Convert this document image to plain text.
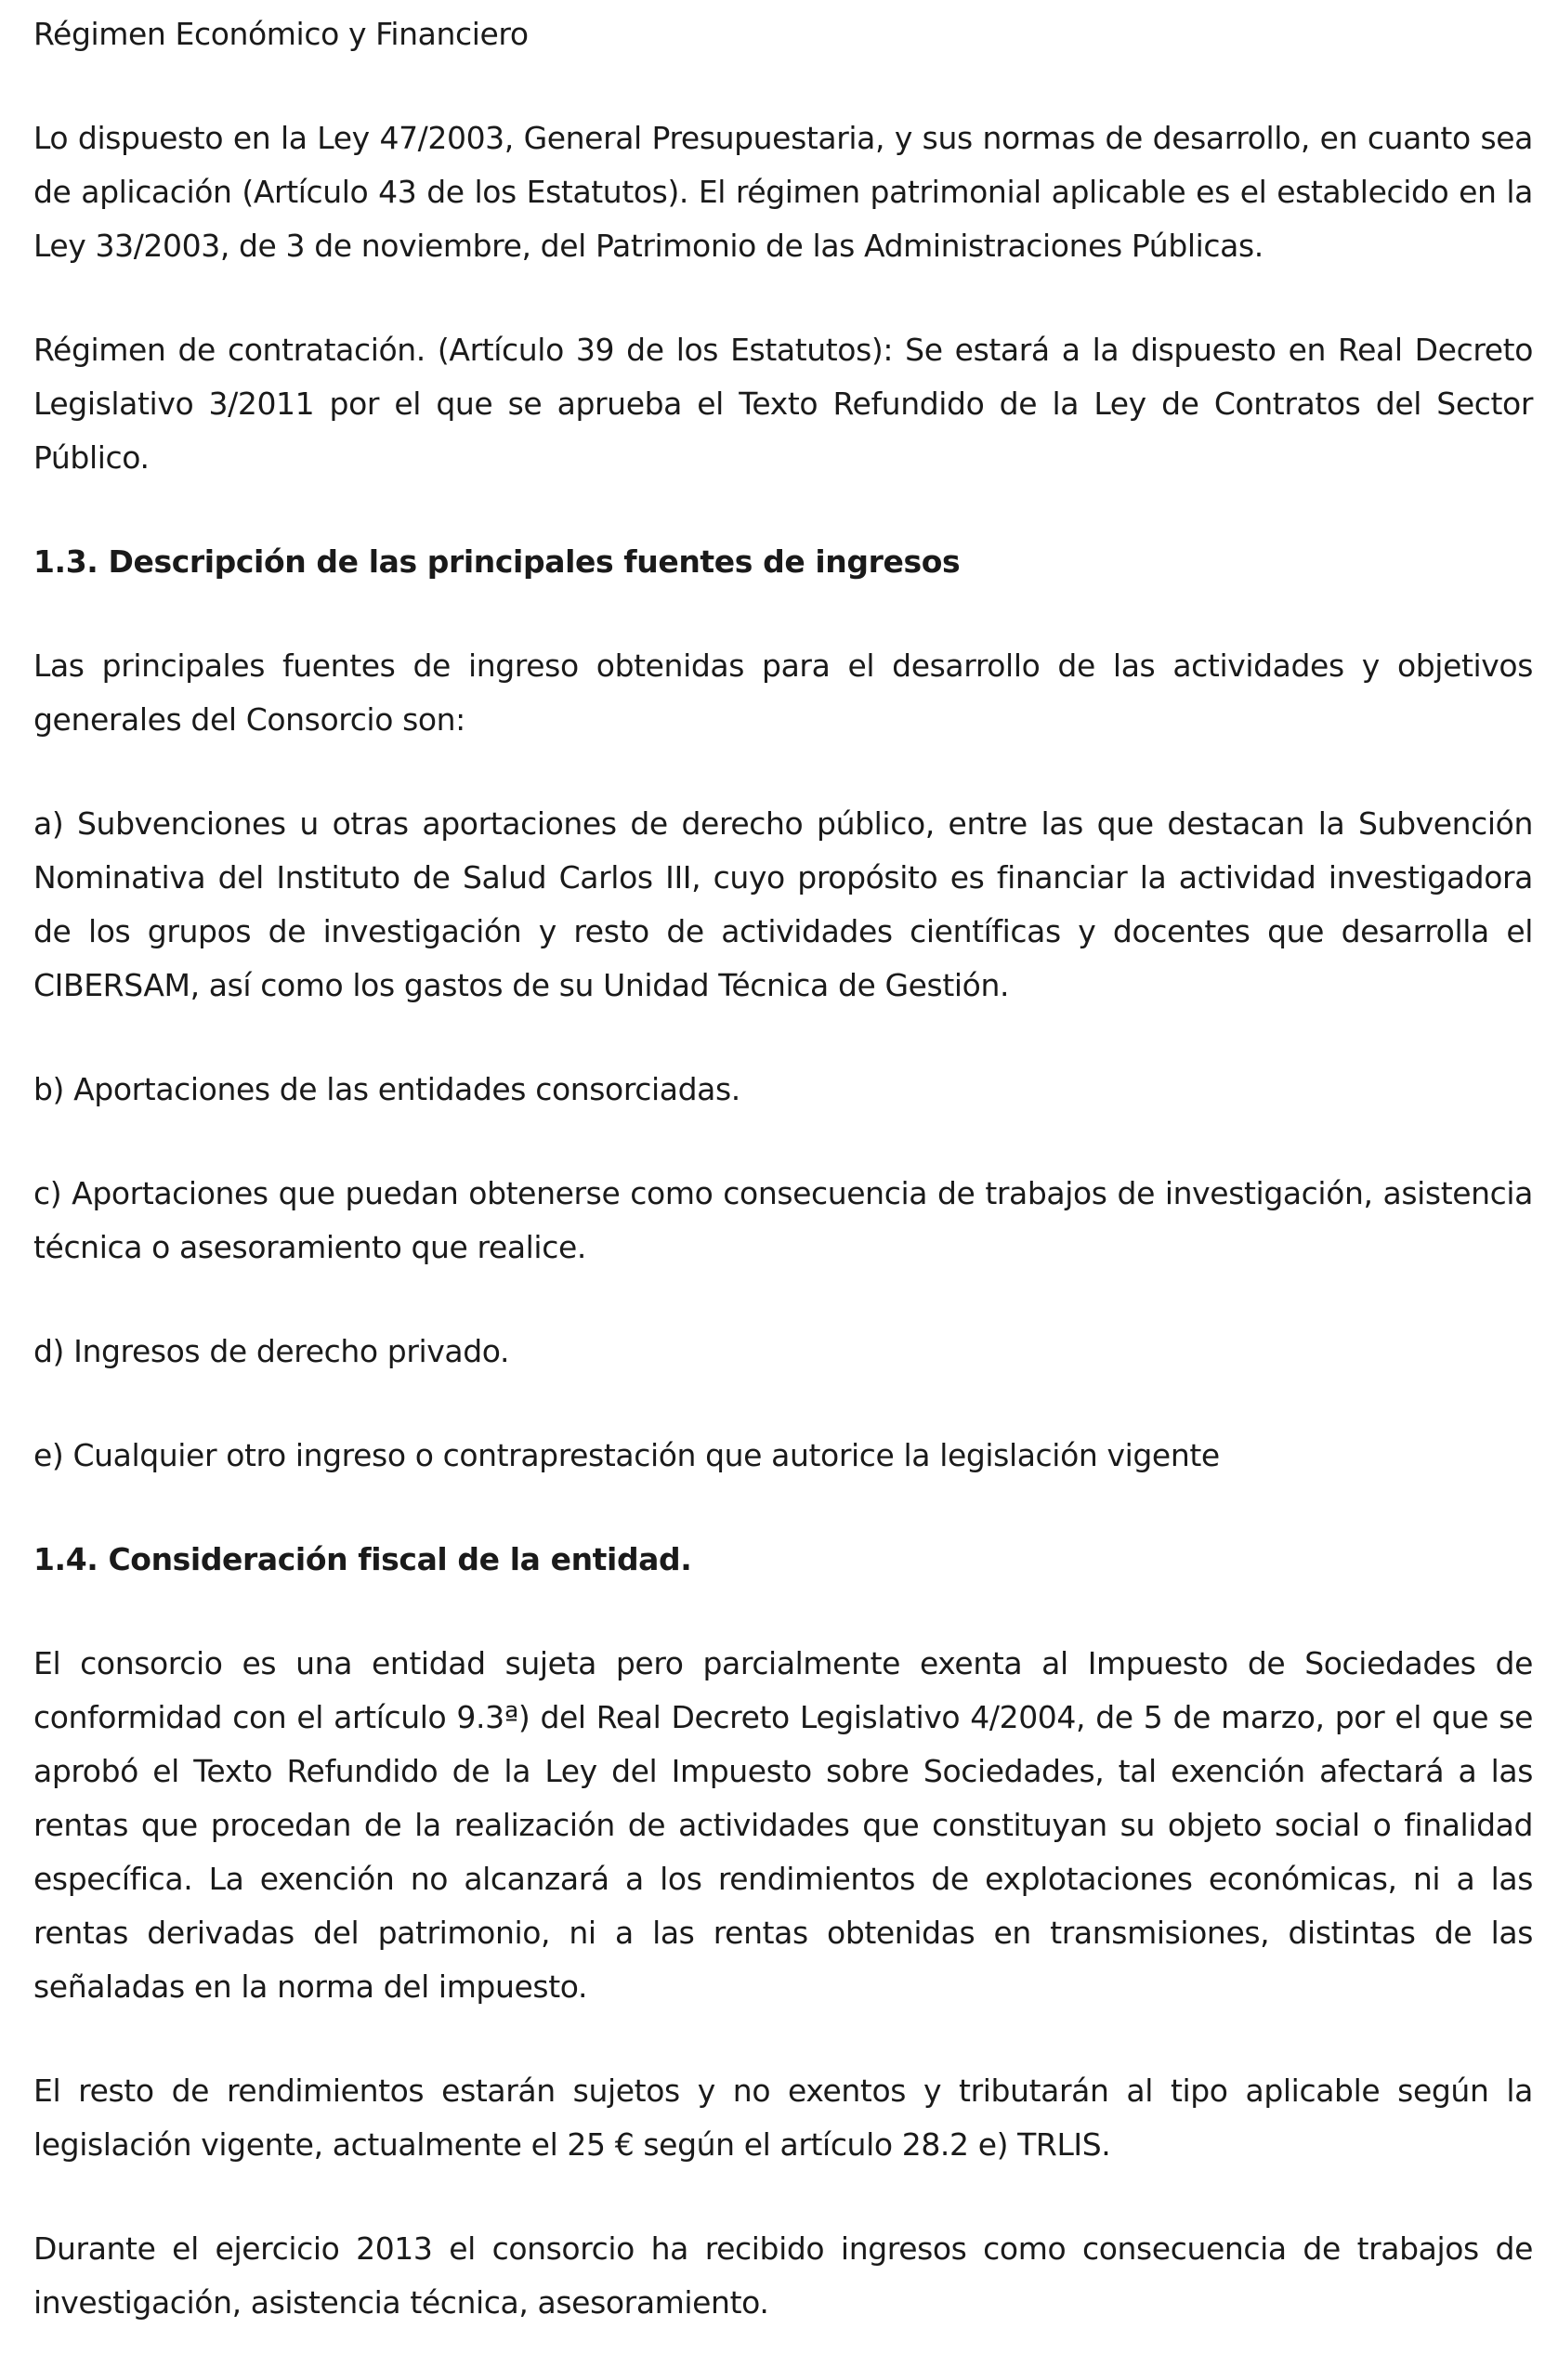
Régimen Económico y Financiero

Lo dispuesto en la Ley 47/2003, General Presupuestaria, y sus normas de desarrollo, en cuanto sea de aplicación (Artículo 43 de los Estatutos). El régimen patrimonial aplicable es el establecido en la Ley 33/2003, de 3 de noviembre, del Patrimonio de las Administraciones Públicas.

Régimen de contratación. (Artículo 39 de los Estatutos): Se estará a la dispuesto en Real Decreto Legislativo 3/2011 por el que se aprueba el Texto Refundido de la Ley de Contratos del Sector Público.

1.3. Descripción de las principales fuentes de ingresos

Las principales fuentes de ingreso obtenidas para el desarrollo de las actividades y objetivos generales del Consorcio son:

a) Subvenciones u otras aportaciones de derecho público, entre las que destacan la Subvención Nominativa del Instituto de Salud Carlos III, cuyo propósito es financiar la actividad investigadora de los grupos de investigación y resto de actividades científicas y docentes que desarrolla el CIBERSAM, así como los gastos de su Unidad Técnica de Gestión.

b) Aportaciones de las entidades consorciadas.

c) Aportaciones que puedan obtenerse como consecuencia de trabajos de investigación, asistencia técnica o asesoramiento que realice.

d) Ingresos de derecho privado.

e) Cualquier otro ingreso o contraprestación que autorice la legislación vigente

1.4. Consideración fiscal de la entidad.

El consorcio es una entidad sujeta pero parcialmente exenta al Impuesto de Sociedades de conformidad con el artículo 9.3ª) del Real Decreto Legislativo 4/2004, de 5 de marzo, por el que se aprobó el Texto Refundido de la Ley del Impuesto sobre Sociedades, tal exención afectará a las rentas que procedan de la realización de actividades que constituyan su objeto social o finalidad específica. La exención no alcanzará a los rendimientos de explotaciones económicas, ni a las rentas derivadas del patrimonio, ni a las rentas obtenidas en transmisiones, distintas de las señaladas en la norma del impuesto.

El resto de rendimientos estarán sujetos y no exentos y tributarán al tipo aplicable según la legislación vigente, actualmente el 25 € según el artículo 28.2 e) TRLIS.

Durante el ejercicio 2013 el consorcio ha recibido ingresos como consecuencia de trabajos de investigación, asistencia técnica, asesoramiento.
